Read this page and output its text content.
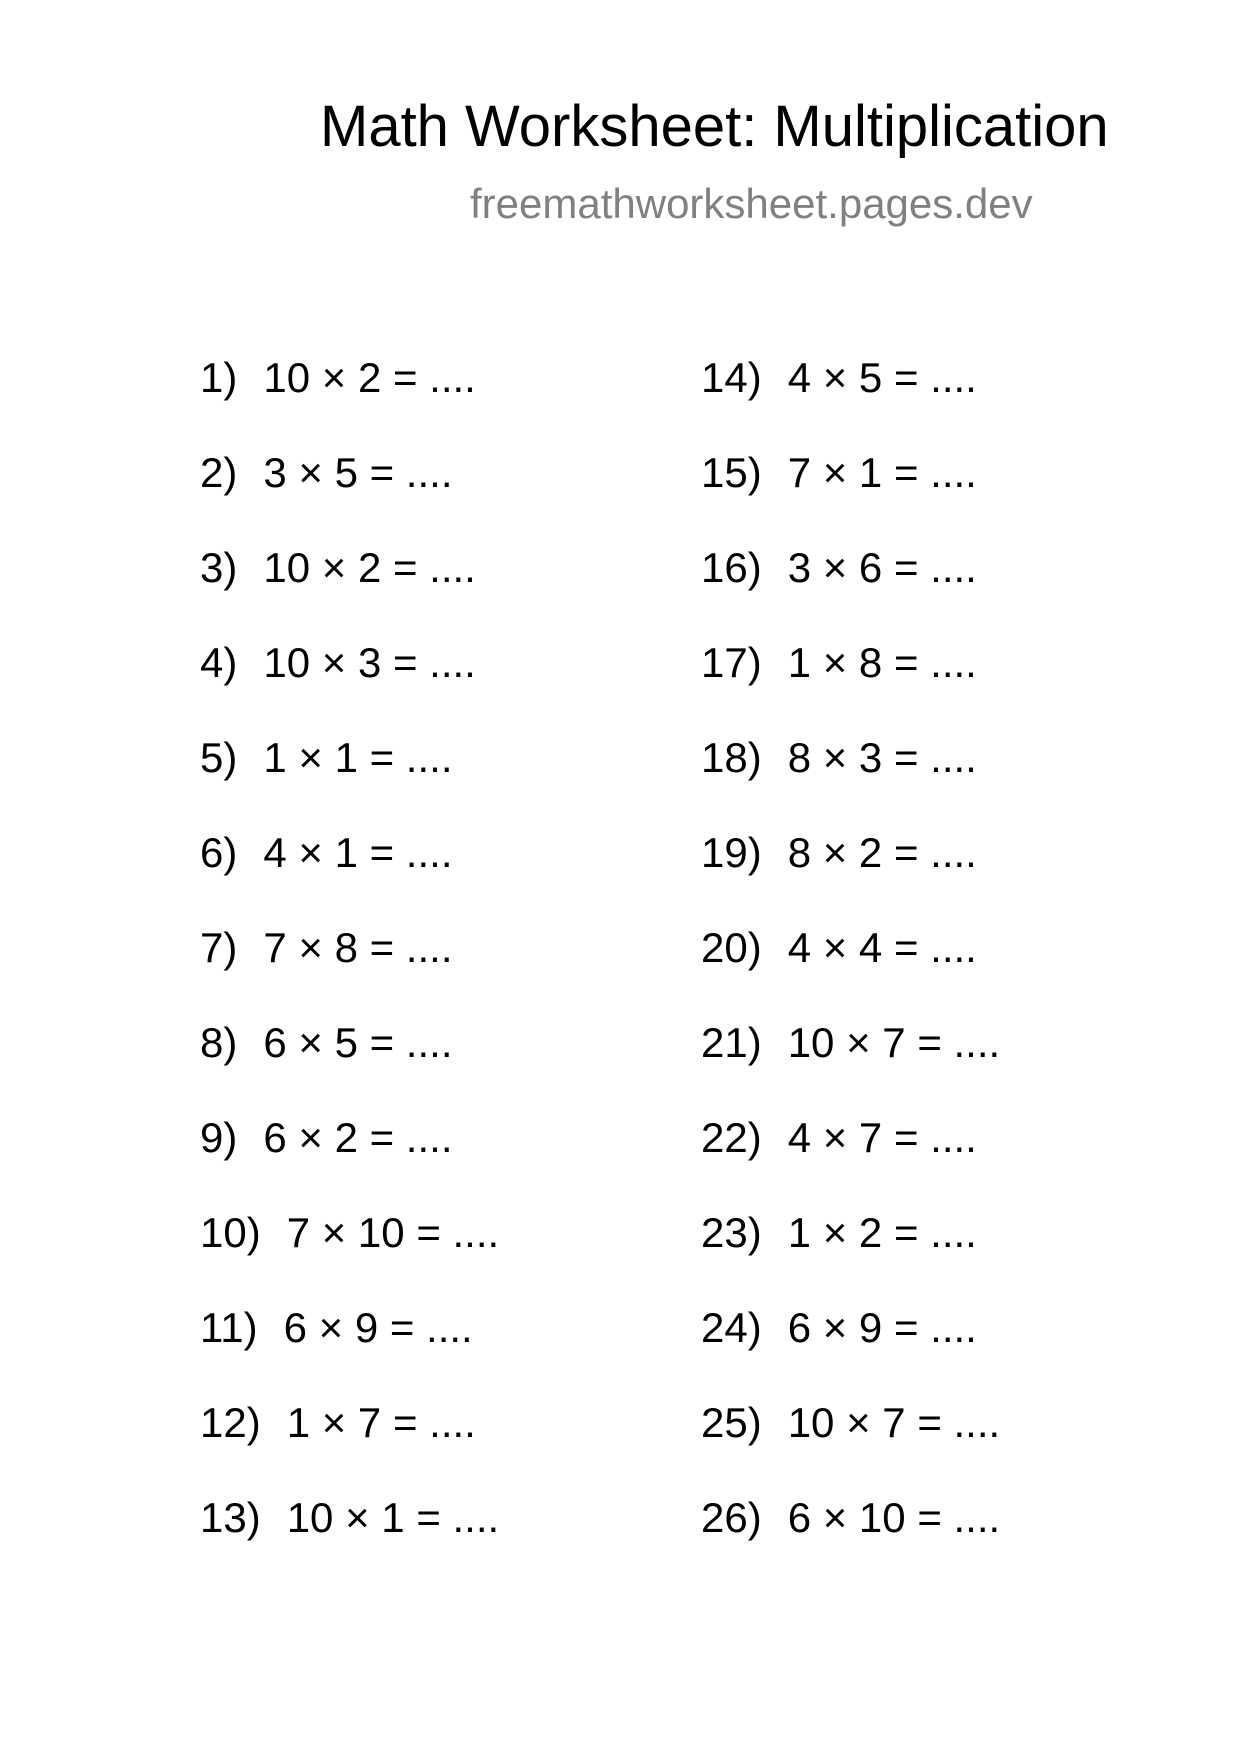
Math Worksheet: Multiplication
freemathworksheet.pages.dev
1) 10 × 2 = ....
2) 3 × 5 = ....
3) 10 × 2 = ....
4) 10 × 3 = ....
5) 1 × 1 = ....
6) 4 × 1 = ....
7) 7 × 8 = ....
8) 6 × 5 = ....
9) 6 × 2 = ....
10) 7 × 10 = ....
11) 6 × 9 = ....
12) 1 × 7 = ....
13) 10 × 1 = ....
14) 4 × 5 = ....
15) 7 × 1 = ....
16) 3 × 6 = ....
17) 1 × 8 = ....
18) 8 × 3 = ....
19) 8 × 2 = ....
20) 4 × 4 = ....
21) 10 × 7 = ....
22) 4 × 7 = ....
23) 1 × 2 = ....
24) 6 × 9 = ....
25) 10 × 7 = ....
26) 6 × 10 = ....
